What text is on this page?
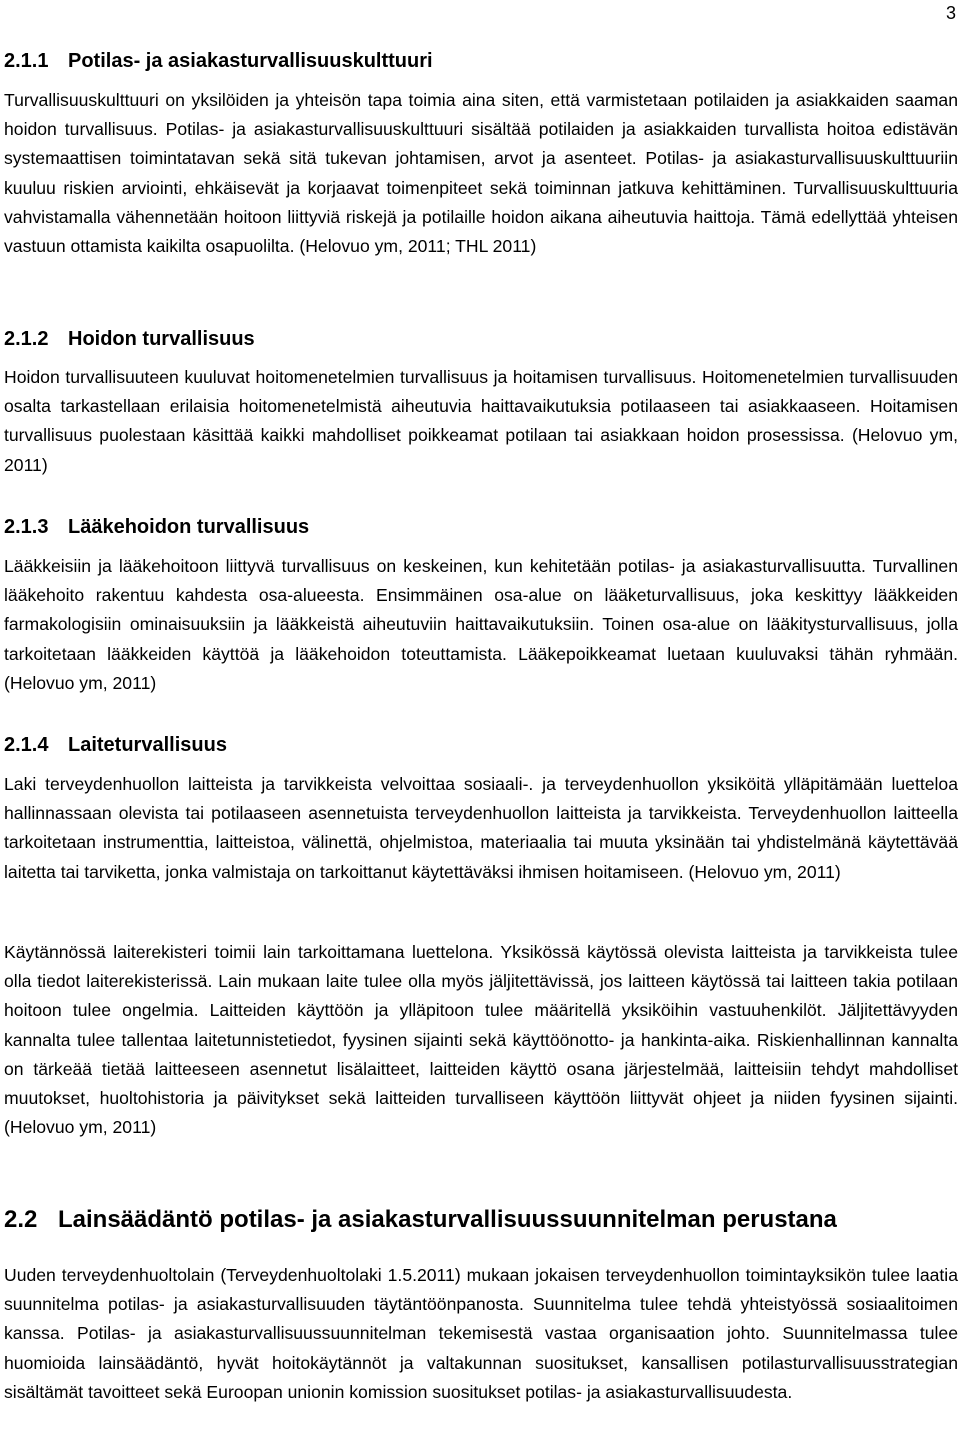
3
2.1.1 Potilas- ja asiakasturvallisuuskulttuuri

Turvallisuuskulttuuri on yksilöiden ja yhteisön tapa toimia aina siten, että varmistetaan potilaiden ja asiakkaiden saaman hoidon turvallisuus. Potilas- ja asiakasturvallisuuskulttuuri sisältää potilaiden ja asiakkaiden turvallista hoitoa edistävän systemaattisen toimintatavan sekä sitä tukevan johtamisen, arvot ja asenteet. Potilas- ja asiakasturvallisuuskulttuuriin kuuluu riskien arviointi, ehkäisevät ja korjaavat toimenpiteet sekä toiminnan jatkuva kehittäminen. Turvallisuuskulttuuria vahvistamalla vähennetään hoitoon liittyviä riskejä ja potilaille hoidon aikana aiheutuvia haittoja. Tämä edellyttää yhteisen vastuun ottamista kaikilta osapuolilta. (Helovuo ym, 2011; THL 2011)

2.1.2 Hoidon turvallisuus

Hoidon turvallisuuteen kuuluvat hoitomenetelmien turvallisuus ja hoitamisen turvallisuus. Hoitomenetelmien turvallisuuden osalta tarkastellaan erilaisia hoitomenetelmistä aiheutuvia haittavaikutuksia potilaaseen tai asiakkaaseen. Hoitamisen turvallisuus puolestaan käsittää kaikki mahdolliset poikkeamat potilaan tai asiakkaan hoidon prosessissa. (Helovuo ym, 2011)

2.1.3 Lääkehoidon turvallisuus

Lääkkeisiin ja lääkehoitoon liittyvä turvallisuus on keskeinen, kun kehitetään potilas- ja asiakasturvallisuutta. Turvallinen lääkehoito rakentuu kahdesta osa-alueesta. Ensimmäinen osa-alue on lääketurvallisuus, joka keskittyy lääkkeiden farmakologisiin ominaisuuksiin ja lääkkeistä aiheutuviin haittavaikutuksiin. Toinen osa-alue on lääkitysturvallisuus, jolla tarkoitetaan lääkkeiden käyttöä ja lääkehoidon toteuttamista. Lääkepoikkeamat luetaan kuuluvaksi tähän ryhmään. (Helovuo ym, 2011)

2.1.4 Laiteturvallisuus

Laki terveydenhuollon laitteista ja tarvikkeista velvoittaa sosiaali-. ja terveydenhuollon yksiköitä ylläpitämään luetteloa hallinnassaan olevista tai potilaaseen asennetuista terveydenhuollon laitteista ja tarvikkeista. Terveydenhuollon laitteella tarkoitetaan instrumenttia, laitteistoa, välinettä, ohjelmistoa, materiaalia tai muuta yksinään tai yhdistelmänä käytettävää laitetta tai tarviketta, jonka valmistaja on tarkoittanut käytettäväksi ihmisen hoitamiseen. (Helovuo ym, 2011)

Käytännössä laiterekisteri toimii lain tarkoittamana luettelona. Yksikössä käytössä olevista laitteista ja tarvikkeista tulee olla tiedot laiterekisterissä. Lain mukaan laite tulee olla myös jäljitettävissä, jos laitteen käytössä tai laitteen takia potilaan hoitoon tulee ongelmia. Laitteiden käyttöön ja ylläpitoon tulee määritellä yksiköihin vastuuhenkilöt. Jäljitettävyyden kannalta tulee tallentaa laitetunnistetiedot, fyysinen sijainti sekä käyttöönotto- ja hankinta-aika. Riskienhallinnan kannalta on tärkeää tietää laitteeseen asennetut lisälaitteet, laitteiden käyttö osana järjestelmää, laitteisiin tehdyt mahdolliset muutokset, huoltohistoria ja päivitykset sekä laitteiden turvalliseen käyttöön liittyvät ohjeet ja niiden fyysinen sijainti. (Helovuo ym, 2011)

2.2 Lainsäädäntö potilas- ja asiakasturvallisuussuunnitelman perustana

Uuden terveydenhuoltolain (Terveydenhuoltolaki 1.5.2011) mukaan jokaisen terveydenhuollon toimintayksikön tulee laatia suunnitelma potilas- ja asiakasturvallisuuden täytäntöönpanosta. Suunnitelma tulee tehdä yhteistyössä sosiaalitoimen kanssa. Potilas- ja asiakasturvallisuussuunnitelman tekemisestä vastaa organisaation johto. Suunnitelmassa tulee huomioida lainsäädäntö, hyvät hoitokäytännöt ja valtakunnan suositukset, kansallisen potilasturvallisuusstrategian sisältämät tavoitteet sekä Euroopan unionin komission suositukset potilas- ja asiakasturvallisuudesta.
